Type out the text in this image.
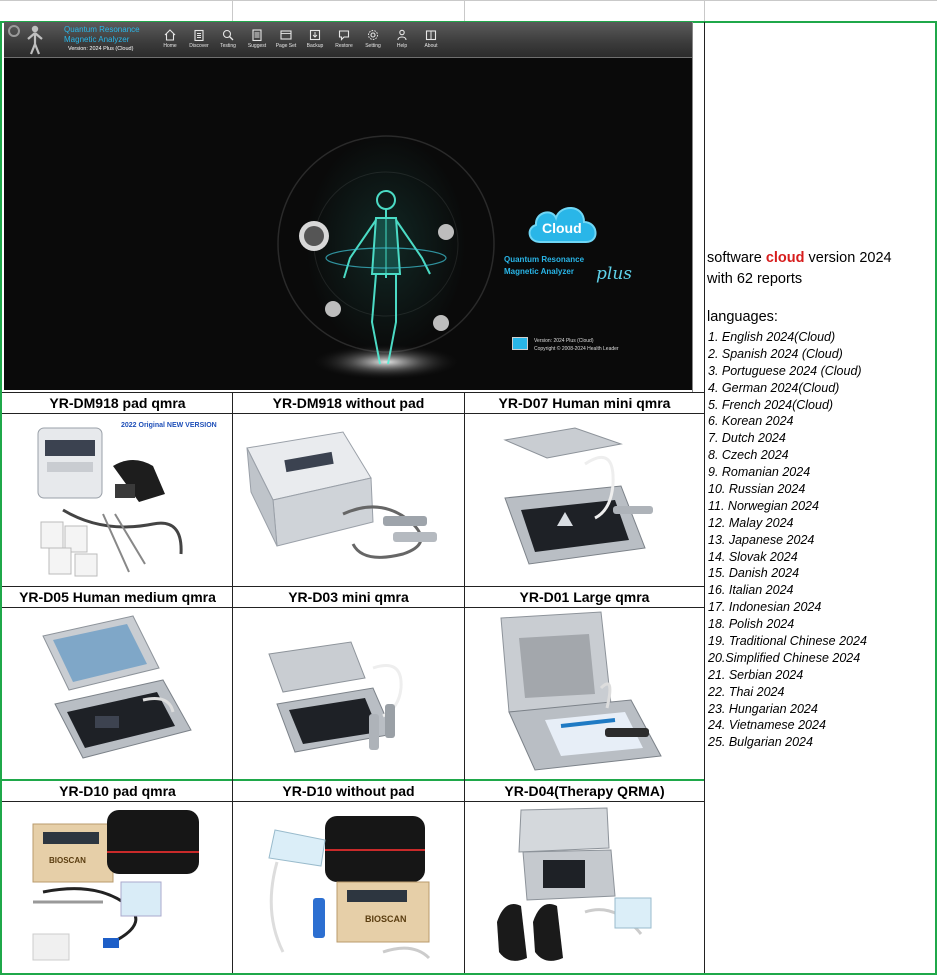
Quantum Resonance
Magnetic Analyzer
Version: 2024 Plus (Cloud)	Home	Discover	Testing	Suggest	Page Set	Backup	Restore	Setting	Help	About
Cloud
Quantum Resonance
Magnetic Analyzer	plus
Version: 2024 Plus (Cloud)
Copyright © 2008-2024 Health Leader
YR-DM918 pad qmra	YR-DM918 without pad	YR-D07 Human mini qmra
YR-D05 Human medium qmra	YR-D03 mini qmra	YR-D01 Large qmra
YR-D10 pad qmra	YR-D10 without pad	YR-D04(Therapy QRMA)
2022 Original NEW VERSION
BIOSCAN
BIOSCAN
software cloud version 2024
with 62 reports
languages:
1. English 2024(Cloud)
2. Spanish 2024 (Cloud)
3. Portuguese 2024 (Cloud)
4. German 2024(Cloud)
5. French 2024(Cloud)
6. Korean 2024
7. Dutch 2024
8. Czech 2024
9. Romanian 2024
10. Russian 2024
11. Norwegian 2024
12. Malay 2024
13. Japanese 2024
14. Slovak 2024
15. Danish 2024
16. Italian 2024
17. Indonesian 2024
18. Polish 2024
19. Traditional Chinese 2024
20.Simplified Chinese 2024
21. Serbian 2024
22. Thai 2024
23. Hungarian 2024
24. Vietnamese 2024
25. Bulgarian 2024
